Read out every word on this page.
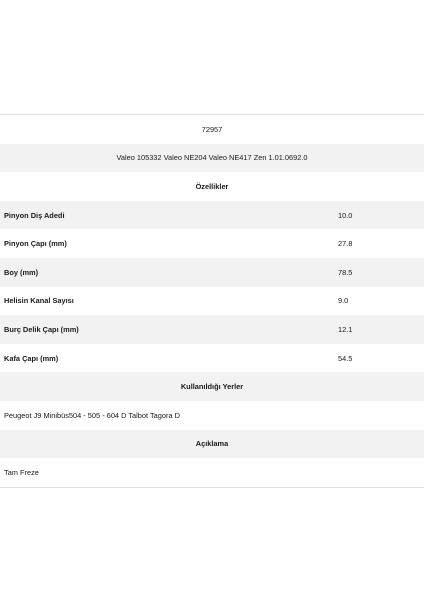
72957
Valeo 105332 Valeo NE204 Valeo NE417 Zen 1.01.0692.0
Özellikler
Pinyon Diş Adedi	10.0
Pinyon Çapı (mm)	27.8
Boy (mm)	78.5
Helisin Kanal Sayısı	9.0
Burç Delik Çapı (mm)	12.1
Kafa Çapı (mm)	54.5
Kullanıldığı Yerler
Peugeot J9 Minibüs504 - 505 - 604 D Talbot Tagora D
Açıklama
Tam Freze
